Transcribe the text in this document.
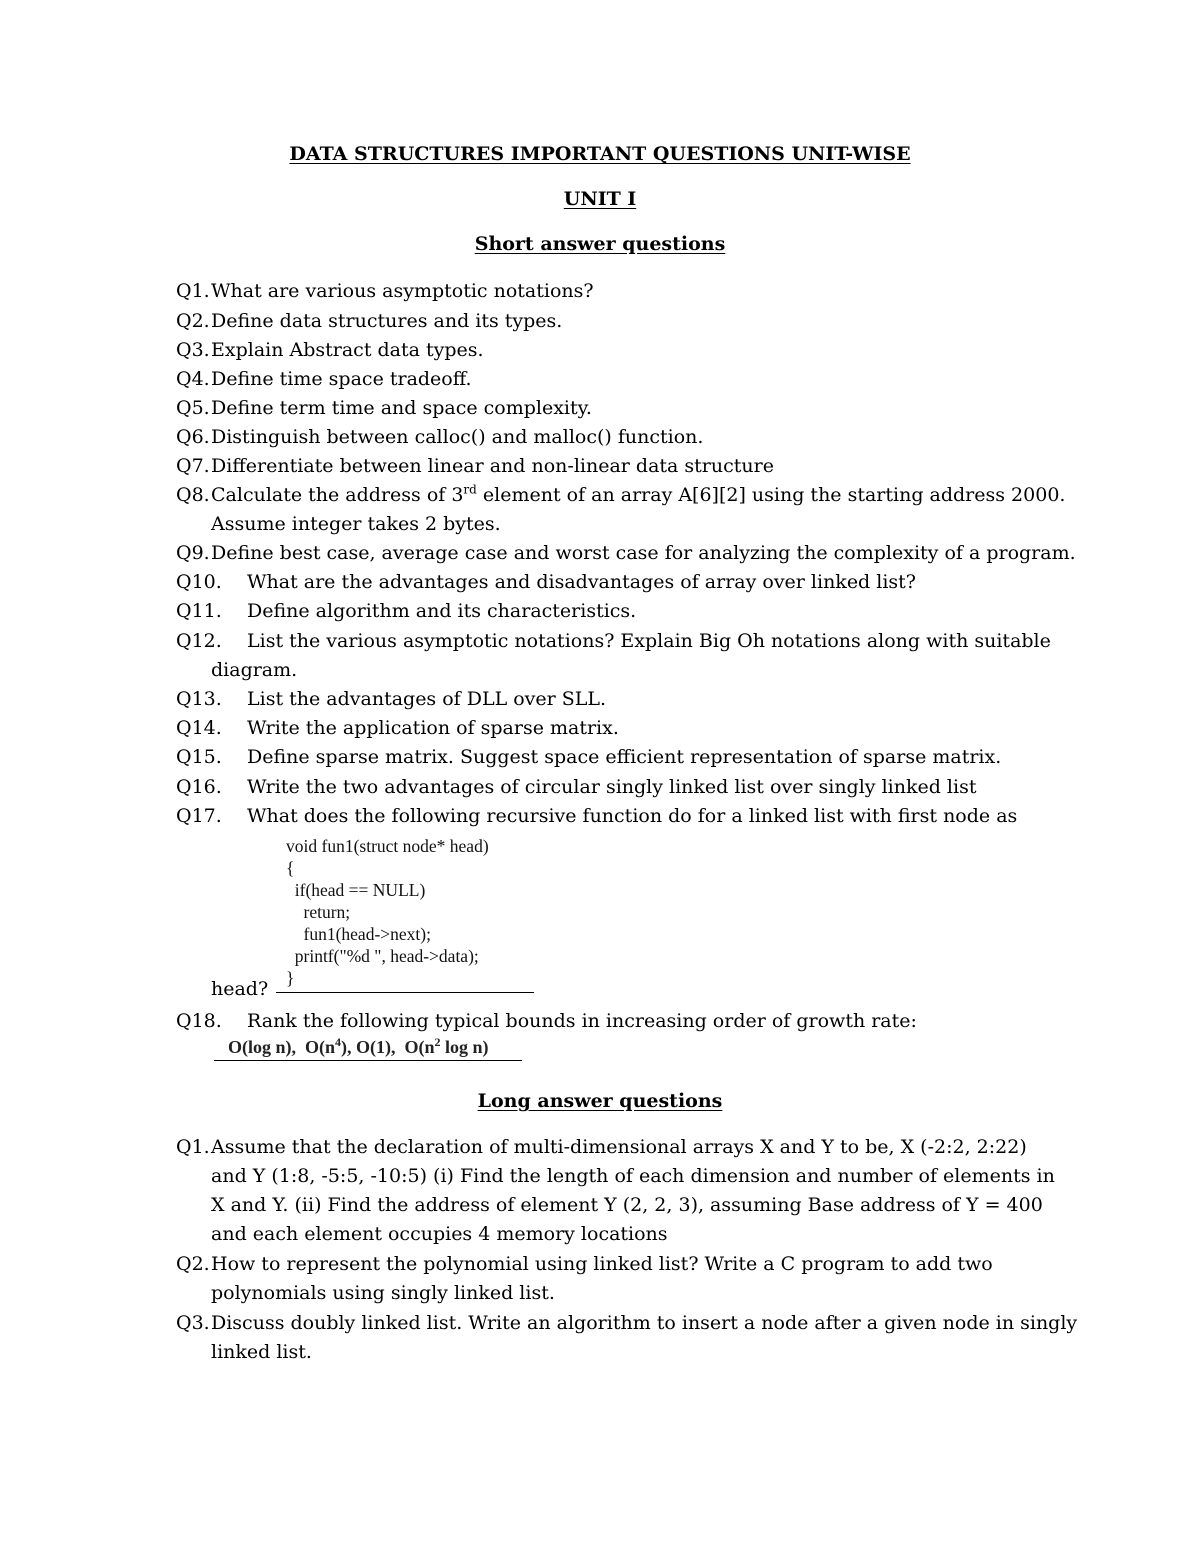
DATA STRUCTURES IMPORTANT QUESTIONS UNIT-WISE
UNIT I
Short answer questions
Q1. What are various asymptotic notations?
Q2. Define data structures and its types.
Q3. Explain Abstract data types.
Q4. Define time space tradeoff.
Q5. Define term time and space complexity.
Q6. Distinguish between calloc() and malloc() function.
Q7. Differentiate between linear and non-linear data structure
Q8. Calculate the address of 3rd element of an array A[6][2] using the starting address 2000.
Assume integer takes 2 bytes.
Q9. Define best case, average case and worst case for analyzing the complexity of a program.
Q10. What are the advantages and disadvantages of array over linked list?
Q11. Define algorithm and its characteristics.
Q12. List the various asymptotic notations? Explain Big Oh notations along with suitable
diagram.
Q13. List the advantages of DLL over SLL.
Q14. Write the application of sparse matrix.
Q15. Define sparse matrix. Suggest space efficient representation of sparse matrix.
Q16. Write the two advantages of circular singly linked list over singly linked list
Q17. What does the following recursive function do for a linked list with first node as
void fun1(struct node* head)
{
if(head == NULL)
return;
fun1(head->next);
printf("%d ", head->data);
}
head?
Q18. Rank the following typical bounds in increasing order of growth rate:
O(log n), $O(n^4)$, O(1), $O(n^2$ log n)
Long answer questions
Q1. Assume that the declaration of multi-dimensional arrays X and Y to be, X (-2:2, 2:22)
and Y (1:8, -5:5, -10:5) (i) Find the length of each dimension and number of elements in
X and Y. (ii) Find the address of element Y (2, 2, 3), assuming Base address of Y = 400
and each element occupies 4 memory locations
Q2. How to represent the polynomial using linked list? Write a C program to add two
polynomials using singly linked list.
Q3. Discuss doubly linked list. Write an algorithm to insert a node after a given node in singly
linked list.
